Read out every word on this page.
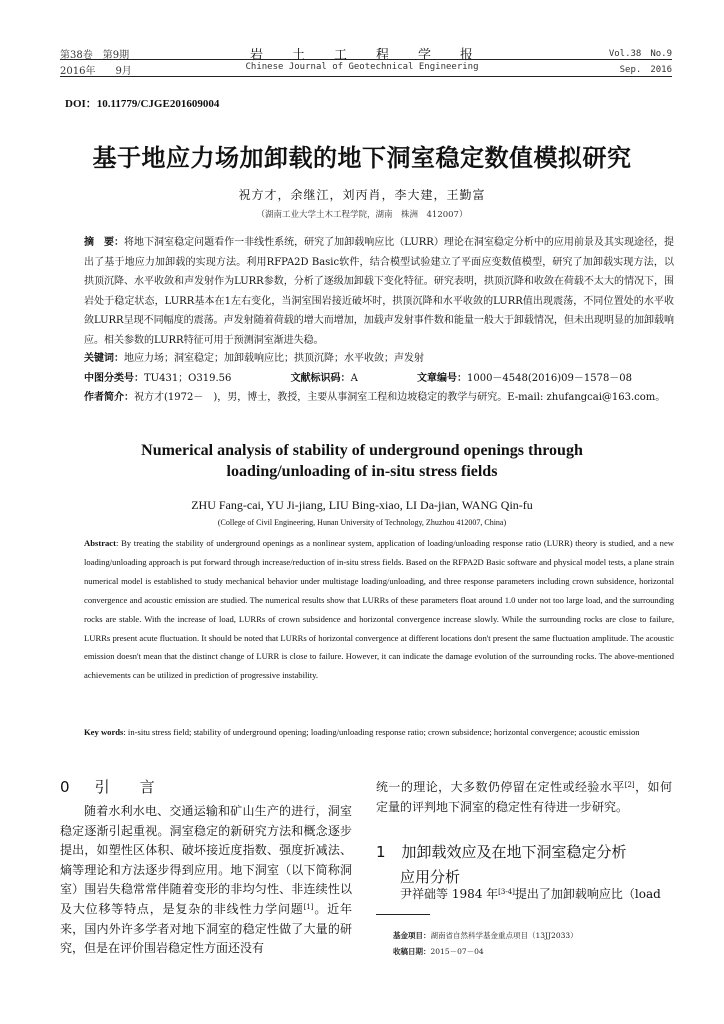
第38卷　第9期
2016年　　9月
岩　　土　　工　　程　　学　　报
Chinese Journal of Geotechnical Engineering
Vol.38　No.9
Sep.　2016
DOI：10.11779/CJGE201609004
基于地应力场加卸载的地下洞室稳定数值模拟研究
祝方才，余继江，刘丙肖，李大建，王勤富
（湖南工业大学土木工程学院，湖南　株洲　412007）
摘　要：将地下洞室稳定问题看作一非线性系统，研究了加卸载响应比（LURR）理论在洞室稳定分析中的应用前景及其实现途径，提出了基于地应力加卸载的实现方法。利用RFPA2D Basic软件，结合模型试验建立了平面应变数值模型，研究了加卸载实现方法，以拱顶沉降、水平收敛和声发射作为LURR参数，分析了逐级加卸载下变化特征。研究表明，拱顶沉降和收敛在荷载不太大的情况下，围岩处于稳定状态，LURR基本在1左右变化，当洞室围岩接近破坏时，拱顶沉降和水平收敛的LURR值出现震荡，不同位置处的水平收敛LURR呈现不同幅度的震荡。声发射随着荷载的增大而增加，加载声发射事件数和能量一般大于卸载情况，但未出现明显的加卸载响应。相关参数的LURR特征可用于预测洞室渐进失稳。
关键词：地应力场；洞室稳定；加卸载响应比；拱顶沉降；水平收敛；声发射
中图分类号：TU431；O319.56	文献标识码：A	文章编号：1000－4548(2016)09－1578－08
作者简介：祝方才(1972－　)，男，博士，教授，主要从事洞室工程和边坡稳定的教学与研究。E-mail: zhufangcai@163.com。
Numerical analysis of stability of underground openings through
loading/unloading of in-situ stress fields
ZHU Fang-cai, YU Ji-jiang, LIU Bing-xiao, LI Da-jian, WANG Qin-fu
(College of Civil Engineering, Hunan University of Technology, Zhuzhou 412007, China)
Abstract: By treating the stability of underground openings as a nonlinear system, application of loading/unloading response ratio (LURR) theory is studied, and a new loading/unloading approach is put forward through increase/reduction of in-situ stress fields. Based on the RFPA2D Basic software and physical model tests, a plane strain numerical model is established to study mechanical behavior under multistage loading/unloading, and three response parameters including crown subsidence, horizontal convergence and acoustic emission are studied. The numerical results show that LURRs of these parameters float around 1.0 under not too large load, and the surrounding rocks are stable. With the increase of load, LURRs of crown subsidence and horizontal convergence increase slowly. While the surrounding rocks are close to failure, LURRs present acute fluctuation. It should be noted that LURRs of horizontal convergence at different locations don't present the same fluctuation amplitude. The acoustic emission doesn't mean that the distinct change of LURR is close to failure. However, it can indicate the damage evolution of the surrounding rocks. The above-mentioned achievements can be utilized in prediction of progressive instability.
Key words: in-situ stress field; stability of underground opening; loading/unloading response ratio; crown subsidence; horizontal convergence; acoustic emission
0 引　　言
随着水利水电、交通运输和矿山生产的进行，洞室稳定逐渐引起重视。洞室稳定的新研究方法和概念逐步提出，如塑性区体积、破坏接近度指数、强度折减法、熵等理论和方法逐步得到应用。地下洞室（以下简称洞室）围岩失稳常常伴随着变形的非均匀性、非连续性以及大位移等特点，是复杂的非线性力学问题[1]。近年来，国内外许多学者对地下洞室的稳定性做了大量的研究，但是在评价围岩稳定性方面还没有
统一的理论，大多数仍停留在定性或经验水平[2]，如何定量的评判地下洞室的稳定性有待进一步研究。
1 加卸载效应及在地下洞室稳定分析
应用分析
尹祥础等 1984 年[3-4]提出了加卸载响应比（load
基金项目：湖南省自然科学基金重点项目（13JJ2033）
收稿日期：2015－07－04
